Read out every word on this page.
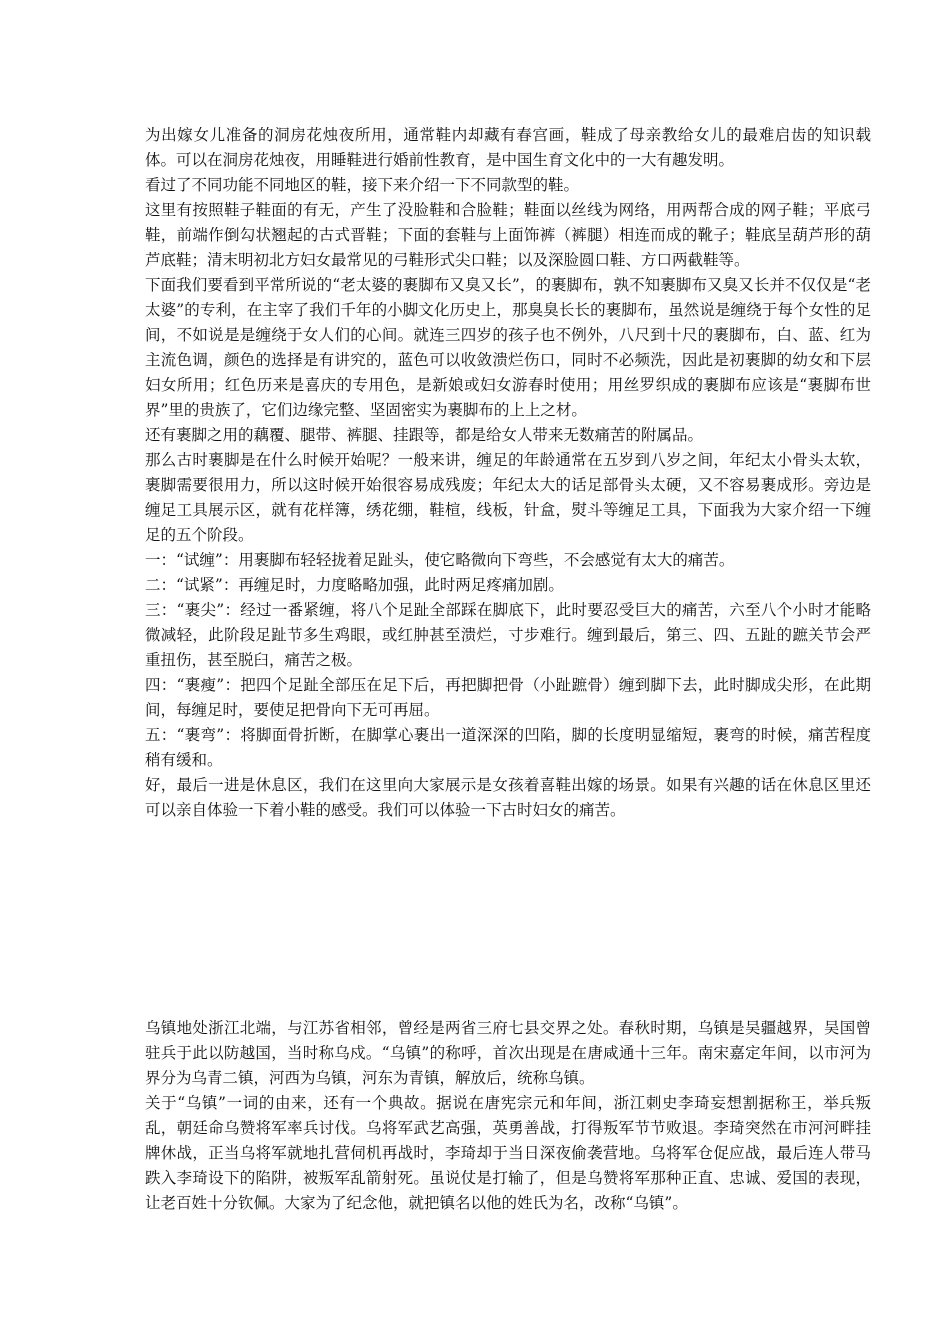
为出嫁女儿准备的洞房花烛夜所用，通常鞋内却藏有春宫画，鞋成了母亲教给女儿的最难启齿的知识载体。可以在洞房花烛夜，用睡鞋进行婚前性教育，是中国生育文化中的一大有趣发明。

看过了不同功能不同地区的鞋，接下来介绍一下不同款型的鞋。

这里有按照鞋子鞋面的有无，产生了没脸鞋和合脸鞋；鞋面以丝线为网络，用两帮合成的网子鞋；平底弓鞋，前端作倒勾状翘起的古式晋鞋；下面的套鞋与上面饰裤（裤腿）相连而成的靴子；鞋底呈葫芦形的葫芦底鞋；清末明初北方妇女最常见的弓鞋形式尖口鞋；以及深脸圆口鞋、方口两截鞋等。

下面我们要看到平常所说的“老太婆的裹脚布又臭又长”，的裹脚布，孰不知裹脚布又臭又长并不仅仅是“老太婆”的专利，在主宰了我们千年的小脚文化历史上，那臭臭长长的裹脚布，虽然说是缠绕于每个女性的足间，不如说是是缠绕于女人们的心间。就连三四岁的孩子也不例外，八尺到十尺的裹脚布，白、蓝、红为主流色调，颜色的选择是有讲究的，蓝色可以收敛溃烂伤口，同时不必频洗，因此是初裹脚的幼女和下层妇女所用；红色历来是喜庆的专用色，是新娘或妇女游春时使用；用丝罗织成的裹脚布应该是“裹脚布世界”里的贵族了，它们边缘完整、坚固密实为裹脚布的上上之材。

还有裹脚之用的藕覆、腿带、裤腿、挂跟等，都是给女人带来无数痛苦的附属品。

那么古时裹脚是在什么时候开始呢？一般来讲，缠足的年龄通常在五岁到八岁之间，年纪太小骨头太软，裹脚需要很用力，所以这时候开始很容易成残废；年纪太大的话足部骨头太硬，又不容易裹成形。旁边是缠足工具展示区，就有花样簿，绣花绷，鞋楦，线板，针盒，熨斗等缠足工具，下面我为大家介绍一下缠足的五个阶段。

一：“试缠”：用裹脚布轻轻拢着足趾头，使它略微向下弯些，不会感觉有太大的痛苦。

二：“试紧”：再缠足时，力度略略加强，此时两足疼痛加剧。

三：“裹尖”：经过一番紧缠，将八个足趾全部踩在脚底下，此时要忍受巨大的痛苦，六至八个小时才能略微减轻，此阶段足趾节多生鸡眼，或红肿甚至溃烂，寸步难行。缠到最后，第三、四、五趾的蹠关节会严重扭伤，甚至脱臼，痛苦之极。

四：“裹瘦”：把四个足趾全部压在足下后，再把脚把骨（小趾蹠骨）缠到脚下去，此时脚成尖形，在此期间，每缠足时，要使足把骨向下无可再屈。

五：“裹弯”：将脚面骨折断，在脚掌心裹出一道深深的凹陷，脚的长度明显缩短，裹弯的时候，痛苦程度稍有缓和。

好，最后一进是休息区，我们在这里向大家展示是女孩着喜鞋出嫁的场景。如果有兴趣的话在休息区里还可以亲自体验一下着小鞋的感受。我们可以体验一下古时妇女的痛苦。

乌镇地处浙江北端，与江苏省相邻，曾经是两省三府七县交界之处。春秋时期，乌镇是吴疆越界，吴国曾驻兵于此以防越国，当时称乌戍。“乌镇”的称呼，首次出现是在唐咸通十三年。南宋嘉定年间，以市河为界分为乌青二镇，河西为乌镇，河东为青镇，解放后，统称乌镇。

关于“乌镇”一词的由来，还有一个典故。据说在唐宪宗元和年间，浙江刺史李琦妄想割据称王，举兵叛乱，朝廷命乌赞将军率兵讨伐。乌将军武艺高强，英勇善战，打得叛军节节败退。李琦突然在市河河畔挂牌休战，正当乌将军就地扎营伺机再战时，李琦却于当日深夜偷袭营地。乌将军仓促应战，最后连人带马跌入李琦设下的陷阱，被叛军乱箭射死。虽说仗是打输了，但是乌赞将军那种正直、忠诚、爱国的表现，让老百姓十分钦佩。大家为了纪念他，就把镇名以他的姓氏为名，改称“乌镇”。
